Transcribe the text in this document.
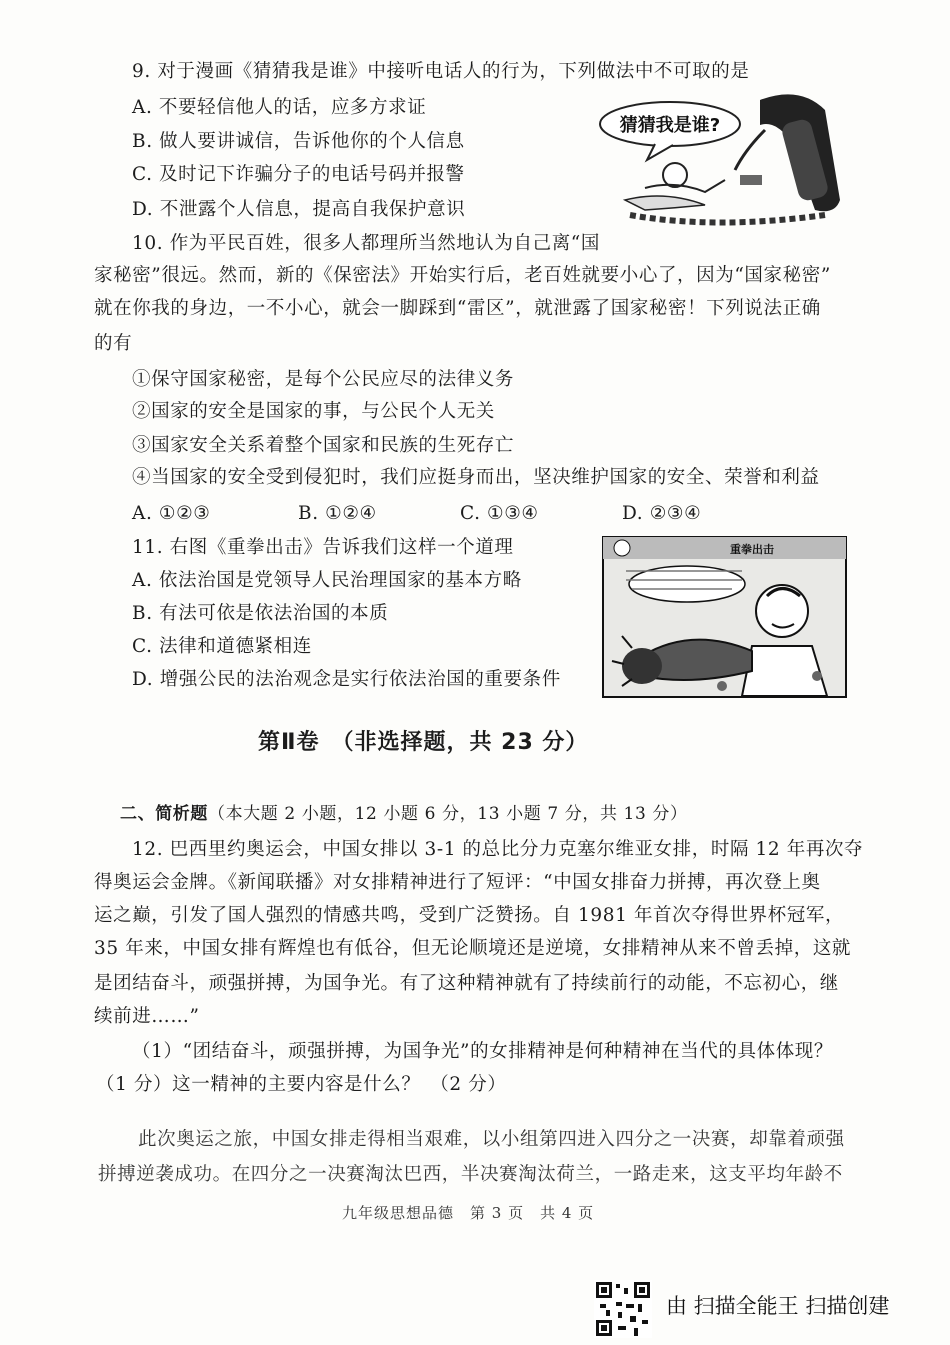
9. 对于漫画《猜猜我是谁》中接听电话人的行为，下列做法中不可取的是
A. 不要轻信他人的话，应多方求证
B. 做人要讲诚信，告诉他你的个人信息
C. 及时记下诈骗分子的电话号码并报警
D. 不泄露个人信息，提高自我保护意识
猜猜我是谁?
10. 作为平民百姓，很多人都理所当然地认为自己离“国
家秘密”很远。然而，新的《保密法》开始实行后，老百姓就要小心了，因为“国家秘密”
就在你我的身边，一不小心，就会一脚踩到“雷区”，就泄露了国家秘密！下列说法正确
的有
①保守国家秘密，是每个公民应尽的法律义务
②国家的安全是国家的事，与公民个人无关
③国家安全关系着整个国家和民族的生死存亡
④当国家的安全受到侵犯时，我们应挺身而出，坚决维护国家的安全、荣誉和利益
A. ①②③	B. ①②④	C. ①③④	D. ②③④
11. 右图《重拳出击》告诉我们这样一个道理
A. 依法治国是党领导人民治理国家的基本方略
B. 有法可依是依法治国的本质
C. 法律和道德紧相连
D. 增强公民的法治观念是实行依法治国的重要条件
重拳出击
第Ⅱ卷　（非选择题，共 23 分）
二、简析题（本大题 2 小题，12 小题 6 分，13 小题 7 分，共 13 分）
12. 巴西里约奥运会，中国女排以 3-1 的总比分力克塞尔维亚女排，时隔 12 年再次夺
得奥运会金牌。《新闻联播》对女排精神进行了短评：“中国女排奋力拼搏，再次登上奥
运之巅，引发了国人强烈的情感共鸣，受到广泛赞扬。自 1981 年首次夺得世界杯冠军，
35 年来，中国女排有辉煌也有低谷，但无论顺境还是逆境，女排精神从来不曾丢掉，这就
是团结奋斗，顽强拼搏，为国争光。有了这种精神就有了持续前行的动能，不忘初心，继
续前进……”
（1）“团结奋斗，顽强拼搏，为国争光”的女排精神是何种精神在当代的具体体现？
（1 分）这一精神的主要内容是什么？　（2 分）
此次奥运之旅，中国女排走得相当艰难，以小组第四进入四分之一决赛，却靠着顽强
拼搏逆袭成功。在四分之一决赛淘汰巴西，半决赛淘汰荷兰，一路走来，这支平均年龄不
九年级思想品德　第 3 页　共 4 页
由 扫描全能王 扫描创建
